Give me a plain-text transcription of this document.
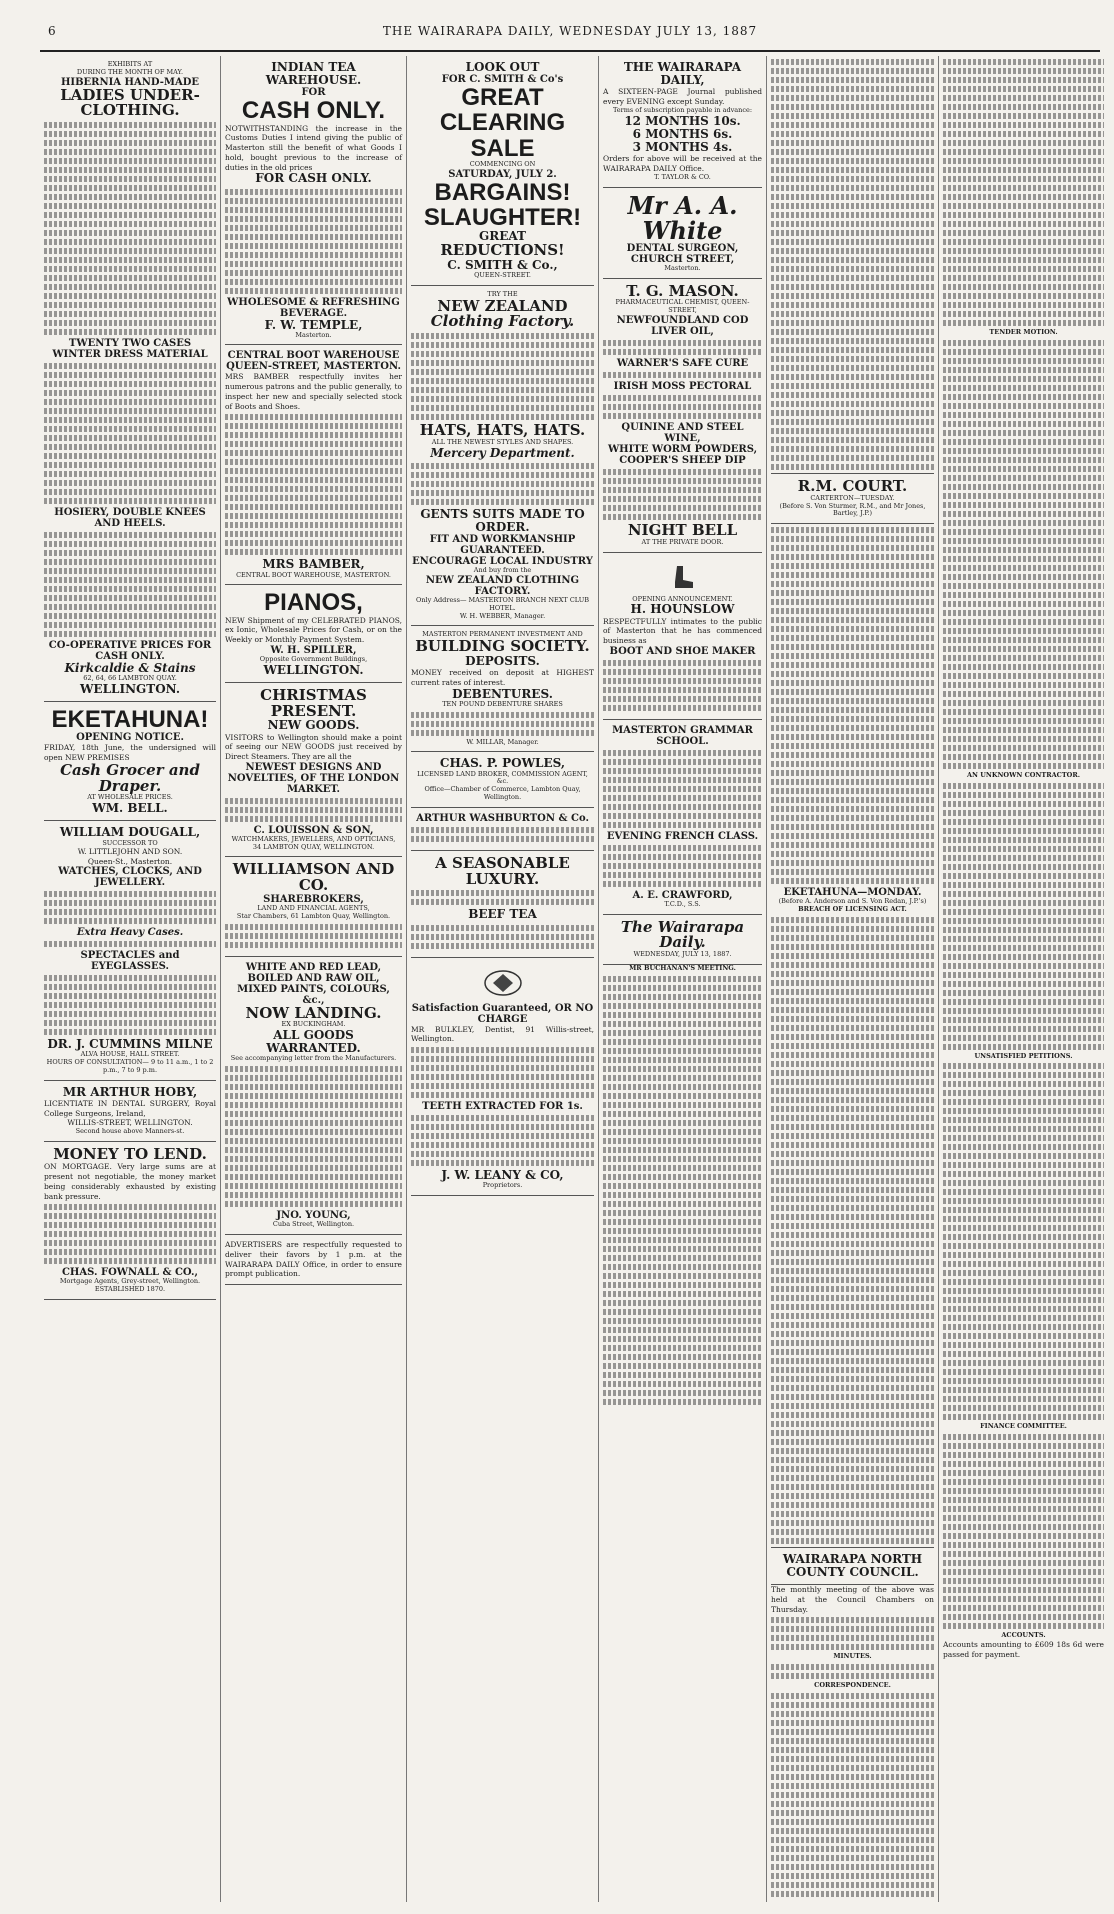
6	THE WAIRARAPA DAILY, WEDNESDAY JULY 13, 1887
EXHIBITS AT
DURING THE MONTH OF MAY.
HIBERNIA HAND-MADE
LADIES UNDER-
CLOTHING.
TWENTY TWO CASES WINTER DRESS MATERIAL
HOSIERY, DOUBLE KNEES AND HEELS.
CO-OPERATIVE PRICES FOR CASH ONLY.
Kirkcaldie & Stains
62, 64, 66 LAMBTON QUAY.
WELLINGTON.
EKETAHUNA!
OPENING NOTICE.
FRIDAY, 18th June, the undersigned will open NEW PREMISES
Cash Grocer and Draper.
AT WHOLESALE PRICES.
WM. BELL.
WILLIAM DOUGALL,
SUCCESSOR TO
W. LITTLEJOHN AND SON.
Queen-St., Masterton.
WATCHES, CLOCKS, AND JEWELLERY.
Extra Heavy Cases.
SPECTACLES and EYEGLASSES.
DR. J. CUMMINS MILNE
ALVA HOUSE, HALL STREET.
HOURS OF CONSULTATION— 9 to 11 a.m., 1 to 2 p.m., 7 to 9 p.m.
MR ARTHUR HOBY,
LICENTIATE IN DENTAL SURGERY, Royal College Surgeons, Ireland,
WILLIS-STREET, WELLINGTON.
Second house above Manners-st.
MONEY TO LEND.
ON MORTGAGE. Very large sums are at present not negotiable, the money market being considerably exhausted by existing bank pressure.
CHAS. FOWNALL & CO.,
Mortgage Agents, Grey-street, Wellington.
ESTABLISHED 1870.
INDIAN TEA WAREHOUSE.
FOR
CASH ONLY.
NOTWITHSTANDING the increase in the Customs Duties I intend giving the public of Masterton still the benefit of what Goods I hold, bought previous to the increase of duties in the old prices
FOR CASH ONLY.
WHOLESOME & REFRESHING BEVERAGE.
F. W. TEMPLE,
Masterton.
CENTRAL BOOT WAREHOUSE QUEEN-STREET, MASTERTON.
MRS BAMBER respectfully invites her numerous patrons and the public generally, to inspect her new and specially selected stock of Boots and Shoes.
MRS BAMBER,
CENTRAL BOOT WAREHOUSE, MASTERTON.
PIANOS,
NEW Shipment of my CELEBRATED PIANOS, ex Ionic, Wholesale Prices for Cash, or on the Weekly or Monthly Payment System.
W. H. SPILLER,
Opposite Government Buildings,
WELLINGTON.
CHRISTMAS PRESENT.
NEW GOODS.
VISITORS to Wellington should make a point of seeing our NEW GOODS just received by Direct Steamers. They are all the
NEWEST DESIGNS AND NOVELTIES, OF THE LONDON MARKET.
C. LOUISSON & SON,
WATCHMAKERS, JEWELLERS, AND OPTICIANS,
34 LAMBTON QUAY, WELLINGTON.
WILLIAMSON AND CO.
SHAREBROKERS,
LAND AND FINANCIAL AGENTS,
Star Chambers, 61 Lambton Quay, Wellington.
WHITE AND RED LEAD,
BOILED AND RAW OIL,
MIXED PAINTS, COLOURS, &c.,
NOW LANDING.
EX BUCKINGHAM.
ALL GOODS WARRANTED.
See accompanying letter from the Manufacturers.
JNO. YOUNG,
Cuba Street, Wellington.
ADVERTISERS are respectfully requested to deliver their favors by 1 p.m. at the WAIRARAPA DAILY Office, in order to ensure prompt publication.
LOOK OUT
FOR C. SMITH & Co's
GREAT
CLEARING
SALE
COMMENCING ON
SATURDAY, JULY 2.
BARGAINS!
SLAUGHTER!
GREAT
REDUCTIONS!
C. SMITH & Co.,
QUEEN-STREET.
TRY THE
NEW ZEALAND
Clothing Factory.
HATS, HATS, HATS.
ALL THE NEWEST STYLES AND SHAPES.
Mercery Department.
GENTS SUITS MADE TO ORDER.
FIT AND WORKMANSHIP GUARANTEED.
ENCOURAGE LOCAL INDUSTRY
And buy from the
NEW ZEALAND CLOTHING FACTORY.
Only Address— MASTERTON BRANCH NEXT CLUB HOTEL.
W. H. WEBBER, Manager.
MASTERTON PERMANENT INVESTMENT AND
BUILDING SOCIETY.
DEPOSITS.
MONEY received on deposit at HIGHEST current rates of interest.
DEBENTURES.
TEN POUND DEBENTURE SHARES
W. MILLAR, Manager.
CHAS. P. POWLES,
LICENSED LAND BROKER, COMMISSION AGENT, &c.
Office—Chamber of Commerce, Lambton Quay, Wellington.
ARTHUR WASHBURTON & Co.
A SEASONABLE LUXURY.
BEEF TEA
Satisfaction Guaranteed, OR NO CHARGE
MR BULKLEY, Dentist, 91 Willis-street, Wellington.
TEETH EXTRACTED FOR 1s.
J. W. LEANY & CO,
Proprietors.
THE WAIRARAPA DAILY,
A SIXTEEN-PAGE Journal published every EVENING except Sunday.
Terms of subscription payable in advance:
12 MONTHS 10s.
6 MONTHS 6s.
3 MONTHS 4s.
Orders for above will be received at the WAIRARAPA DAILY Office.
T. TAYLOR & CO.
Mr A. A. White
DENTAL SURGEON,
CHURCH STREET,
Masterton.
T. G. MASON.
PHARMACEUTICAL CHEMIST, QUEEN-STREET,
NEWFOUNDLAND COD LIVER OIL,
WARNER'S SAFE CURE
IRISH MOSS PECTORAL
QUININE AND STEEL WINE,
WHITE WORM POWDERS,
COOPER'S SHEEP DIP
NIGHT BELL
AT THE PRIVATE DOOR.
OPENING ANNOUNCEMENT.
H. HOUNSLOW
RESPECTFULLY intimates to the public of Masterton that he has commenced business as
BOOT AND SHOE MAKER
MASTERTON GRAMMAR SCHOOL.
EVENING FRENCH CLASS.
A. E. CRAWFORD,
T.C.D., S.S.
The Wairarapa Daily.
WEDNESDAY, JULY 13, 1887.
MR BUCHANAN'S MEETING.
R.M. COURT.
CARTERTON—TUESDAY.
(Before S. Von Sturmer, R.M., and Mr Jones, Bartley, J.P.)
EKETAHUNA—MONDAY.
(Before A. Anderson and S. Von Redan, J.P.'s)
BREACH OF LICENSING ACT.
WAIRARAPA NORTH COUNTY COUNCIL.
The monthly meeting of the above was held at the Council Chambers on Thursday.
MINUTES.
CORRESPONDENCE.
TENDER MOTION.
AN UNKNOWN CONTRACTOR.
UNSATISFIED PETITIONS.
FINANCE COMMITTEE.
ACCOUNTS.
Accounts amounting to £609 18s 6d were passed for payment.
